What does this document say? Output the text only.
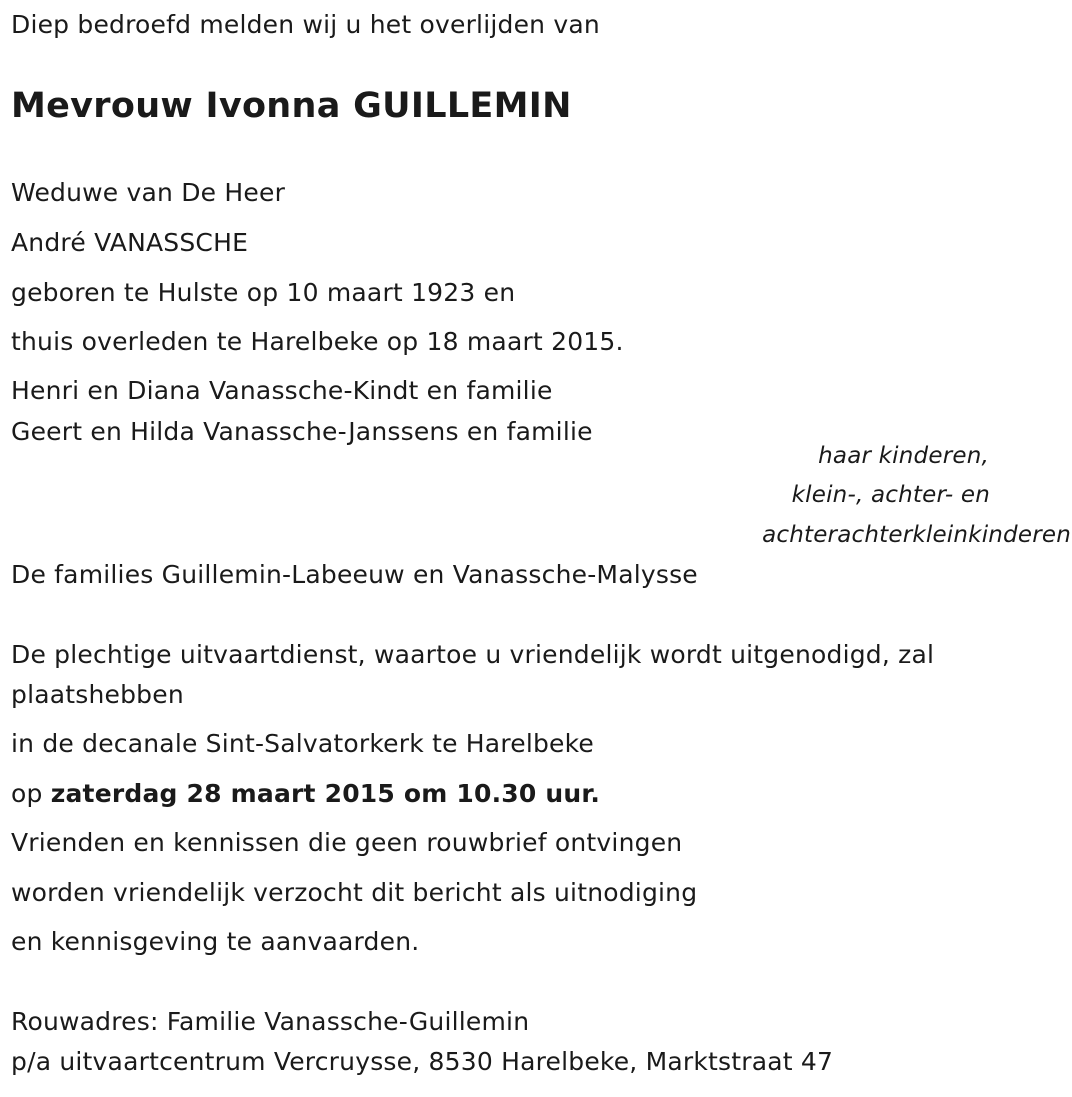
Diep bedroefd melden wij u het overlijden van
Mevrouw Ivonna GUILLEMIN
Weduwe van De Heer
André VANASSCHE
geboren te Hulste op 10 maart 1923 en
thuis overleden te Harelbeke op 18 maart 2015.
Henri en Diana Vanassche-Kindt en familie
Geert en Hilda Vanassche-Janssens en familie
haar kinderen,
klein-, achter- en
achterachterkleinkinderen
De families Guillemin-Labeeuw en Vanassche-Malysse
De plechtige uitvaartdienst, waartoe u vriendelijk wordt uitgenodigd, zal
plaatshebben
in de decanale Sint-Salvatorkerk te Harelbeke
op zaterdag 28 maart 2015 om 10.30 uur.
Vrienden en kennissen die geen rouwbrief ontvingen
worden vriendelijk verzocht dit bericht als uitnodiging
en kennisgeving te aanvaarden.
Rouwadres: Familie Vanassche-Guillemin
p/a uitvaartcentrum Vercruysse, 8530 Harelbeke, Marktstraat 47
